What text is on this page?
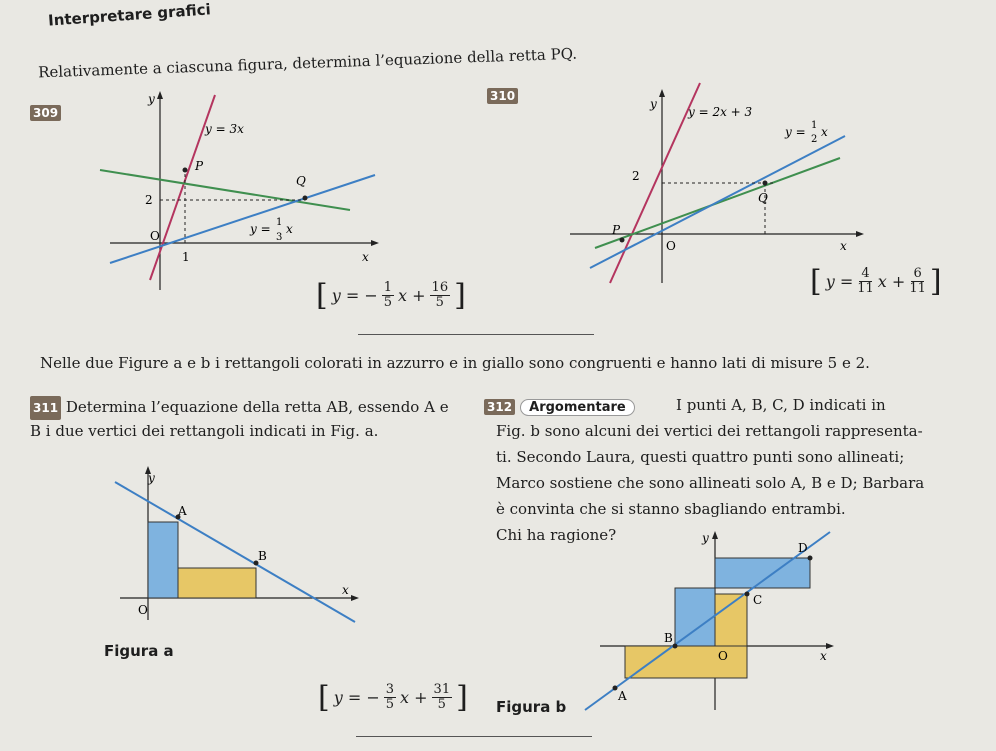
Interpretare grafici
Relativamente a ciascuna figura, determina l’equazione della retta PQ.
309
y
x
y = 3x
P
Q
2
O
1
y = 1
3
x
[ y = − $\frac{1}{5}$ $x + \frac{16}{5}$ ]
310
y
x
y = 2x + 3
y = 1
2
x
2
P
Q
O
[ $y = \frac{4}{11}$ $x + \frac{6}{11}$ ]
Nelle due Figure a e b i rettangoli colorati in azzurro e in giallo sono congruenti e hanno lati di misure 5 e 2.
311 Determina l’equazione della retta AB, essendo A e
B i due vertici dei rettangoli indicati in Fig. a.
y
x
A
B
O
Figura a
[ y = − $\frac{3}{5}$ $x + \frac{31}{5}$ ]
312 Argomentare	I punti A, B, C, D indicati in
Fig. b sono alcuni dei vertici dei rettangoli rappresenta-
ti. Secondo Laura, questi quattro punti sono allineati;
Marco sostiene che sono allineati solo A, B e D; Barbara
è convinta che si stanno sbagliando entrambi.
Chi ha ragione?	y
x
A
B
C
D
O
Figura b
